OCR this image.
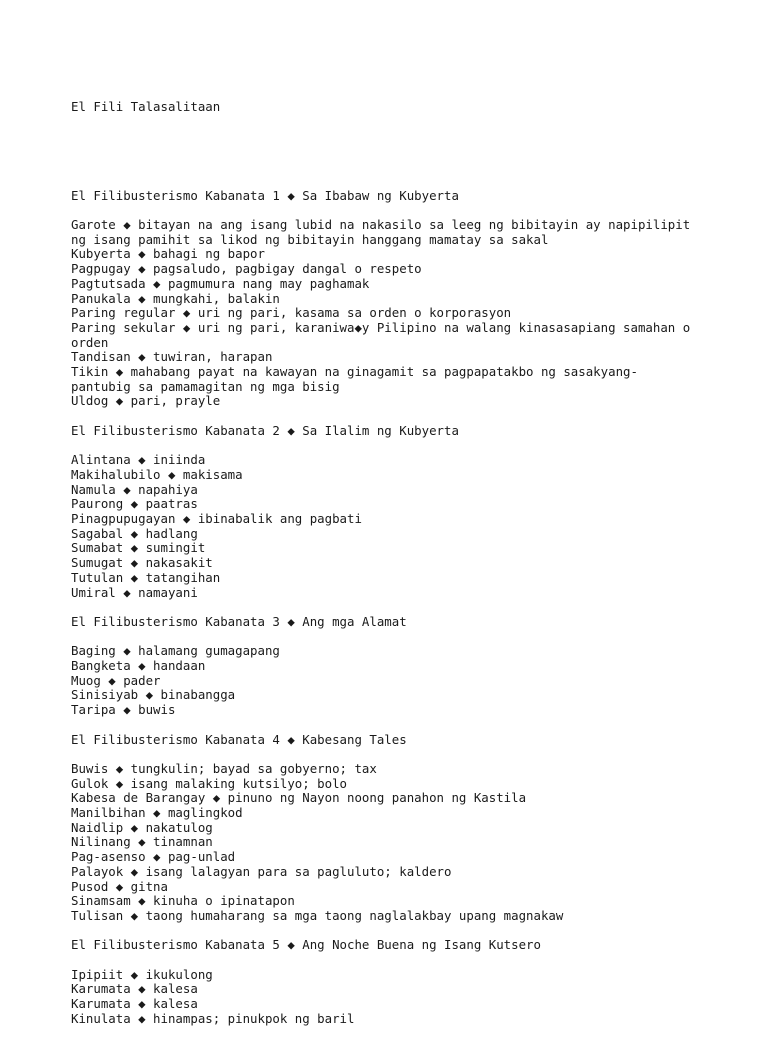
El Fili Talasalitaan

El Filibusterismo Kabanata 1 ◆ Sa Ibabaw ng Kubyerta
Garote ◆ bitayan na ang isang lubid na nakasilo sa leeg ng bibitayin ay napipilipit
ng isang pamihit sa likod ng bibitayin hanggang mamatay sa sakal
Kubyerta ◆ bahagi ng bapor
Pagpugay ◆ pagsaludo, pagbigay dangal o respeto
Pagtutsada ◆ pagmumura nang may paghamak
Panukala ◆ mungkahi, balakin
Paring regular ◆ uri ng pari, kasama sa orden o korporasyon
Paring sekular ◆ uri ng pari, karaniwa◆y Pilipino na walang kinasasapiang samahan o
orden
Tandisan ◆ tuwiran, harapan
Tikin ◆ mahabang payat na kawayan na ginagamit sa pagpapatakbo ng sasakyang-
pantubig sa pamamagitan ng mga bisig
Uldog ◆ pari, prayle
El Filibusterismo Kabanata 2 ◆ Sa Ilalim ng Kubyerta
Alintana ◆ iniinda
Makihalubilo ◆ makisama
Namula ◆ napahiya
Paurong ◆ paatras
Pinagpupugayan ◆ ibinabalik ang pagbati
Sagabal ◆ hadlang
Sumabat ◆ sumingit
Sumugat ◆ nakasakit
Tutulan ◆ tatangihan
Umiral ◆ namayani
El Filibusterismo Kabanata 3 ◆ Ang mga Alamat
Baging ◆ halamang gumagapang
Bangketa ◆ handaan
Muog ◆ pader
Sinisiyab ◆ binabangga
Taripa ◆ buwis
El Filibusterismo Kabanata 4 ◆ Kabesang Tales
Buwis ◆ tungkulin; bayad sa gobyerno; tax
Gulok ◆ isang malaking kutsilyo; bolo
Kabesa de Barangay ◆ pinuno ng Nayon noong panahon ng Kastila
Manilbihan ◆ maglingkod
Naidlip ◆ nakatulog
Nilinang ◆ tinamnan
Pag-asenso ◆ pag-unlad
Palayok ◆ isang lalagyan para sa pagluluto; kaldero
Pusod ◆ gitna
Sinamsam ◆ kinuha o ipinatapon
Tulisan ◆ taong humaharang sa mga taong naglalakbay upang magnakaw
El Filibusterismo Kabanata 5 ◆ Ang Noche Buena ng Isang Kutsero
Ipipiit ◆ ikukulong
Karumata ◆ kalesa
Karumata ◆ kalesa
Kinulata ◆ hinampas; pinukpok ng baril
